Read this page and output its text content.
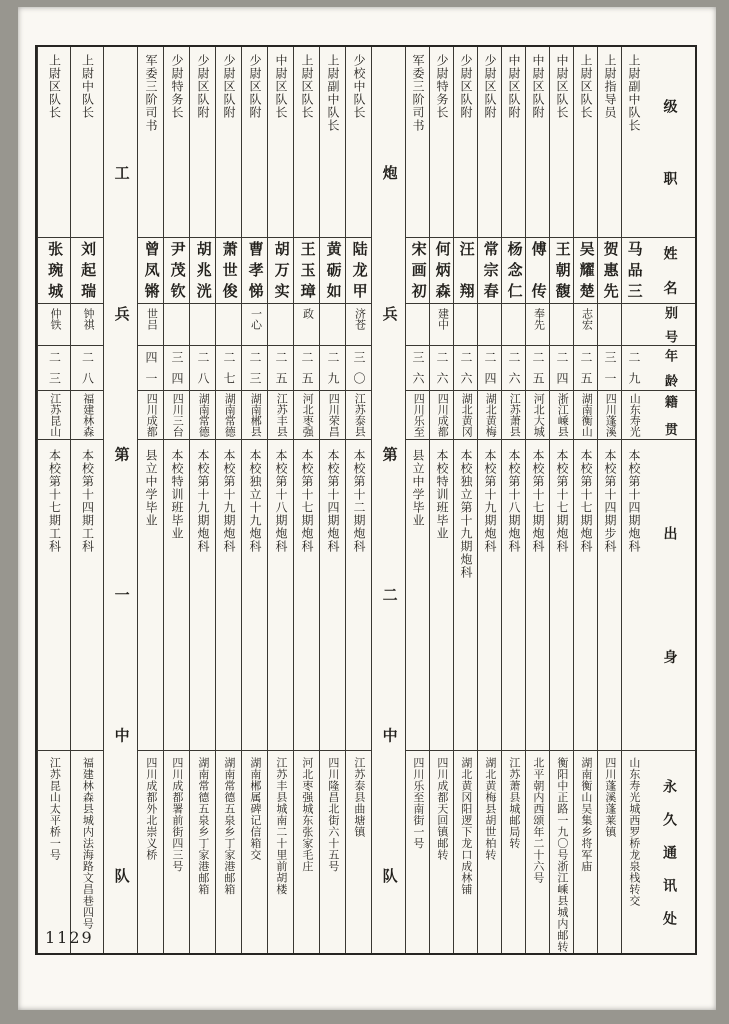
级职
姓名
别号
年龄
籍贯
出身
永久通讯处
上尉副中队长
马品三
二九
山东寿光
本校第十四期炮科
山东寿光城西罗桥龙泉栈转交
上尉指导员
贺惠先
三一
四川蓬溪
本校第十四期步科
四川蓬溪蓬莱镇
上尉区队长
吴耀楚
志宏
二五
湖南衡山
本校第十七期炮科
湖南衡山吴集乡将军庙
中尉区队长
王朝馥
二四
浙江嵊县
本校第十七期炮科
衡阳中正路一九〇号浙江嵊县城内邮转
中尉区队附
傅传
奉先
二五
河北大城
本校第十七期炮科
北平朝内西颂年二十六号
中尉区队附
杨念仁
二六
江苏萧县
本校第十八期炮科
江苏萧县城邮局转
少尉区队附
常宗春
二四
湖北黄梅
本校第十九期炮科
湖北黄梅县胡世柏转
少尉区队附
汪翔
二六
湖北黄冈
本校独立第十九期炮科
湖北黄冈阳逻下龙口成林铺
少尉特务长
何炳森
建中
二六
四川成都
本校特训班毕业
四川成都天回镇邮转
军委三阶司书
宋画初
三六
四川乐至
县立中学毕业
四川乐至南街一号
炮兵第二中队
少校中队长
陆龙甲
济苍
三〇
江苏泰县
本校第十二期炮科
江苏泰县曲塘镇
上尉副中队长
黄砺如
二九
四川荣昌
本校第十四期炮科
四川隆昌北街六十五号
上尉区队长
王玉璋
政
二五
河北枣强
本校第十七期炮科
河北枣强城东张家毛庄
中尉区队长
胡万实
二五
江苏丰县
本校第十八期炮科
江苏丰县城南二十里前胡楼
少尉区队附
曹孝悌
一心
二三
湖南郴县
本校独立十九炮科
湖南郴属碑记信箱交
少尉区队附
萧世俊
二七
湖南常德
本校第十九期炮科
湖南常德五泉乡丁家港邮箱
少尉区队附
胡兆洸
二八
湖南常德
本校第十九期炮科
湖南常德五泉乡丁家港邮箱
少尉特务长
尹茂钦
三四
四川三台
本校特训班毕业
四川成都署前街四三号
军委三阶司书
曾凤锵
世吕
四一
四川成都
县立中学毕业
四川成都外北崇义桥
工兵第一中队
上尉中队长
刘起瑞
钟祺
二八
福建林森
本校第十四期工科
福建林森县城内法海路文昌巷四号
上尉区队长
张琬城
仲铁
二三
江苏昆山
本校第十七期工科
江苏昆山太平桥一号
1129
